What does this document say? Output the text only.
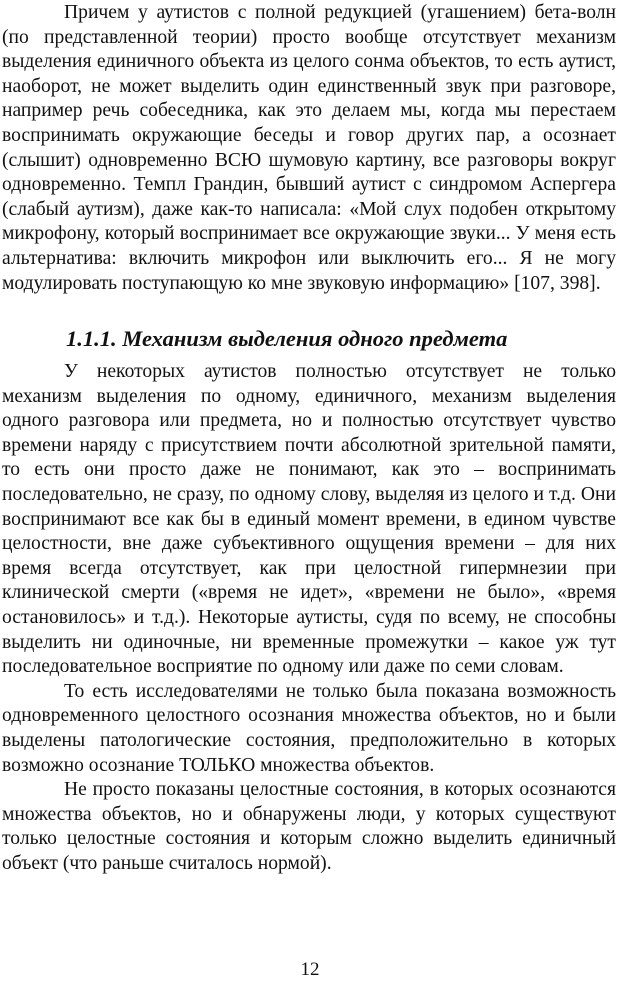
Причем у аутистов с полной редукцией (угашением) бета-волн (по представленной теории) просто вообще отсутствует механизм выделения единичного объекта из целого сонма объектов, то есть аутист, наоборот, не может выделить один единственный звук при разговоре, например речь собеседника, как это делаем мы, когда мы перестаем воспринимать окружающие беседы и говор других пар, а осознает (слышит) одновременно ВСЮ шумовую картину, все разговоры вокруг одновременно. Темпл Грандин, бывший аутист с синдромом Аспергера (слабый аутизм), даже как-то написала: «Мой слух подобен открытому микрофону, который воспринимает все окружающие звуки... У меня есть альтернатива: включить микрофон или выключить его... Я не могу модулировать поступающую ко мне звуковую информацию» [107, 398].

1.1.1. Механизм выделения одного предмета

У некоторых аутистов полностью отсутствует не только механизм выделения по одному, единичного, механизм выделения одного разговора или предмета, но и полностью отсутствует чувство времени наряду с присутствием почти абсолютной зрительной памяти, то есть они просто даже не понимают, как это – воспринимать последовательно, не сразу, по одному слову, выделяя из целого и т.д. Они воспринимают все как бы в единый момент времени, в едином чувстве целостности, вне даже субъективного ощущения времени – для них время всегда отсутствует, как при целостной гипермнезии при клинической смерти («время не идет», «времени не было», «время остановилось» и т.д.). Некоторые аутисты, судя по всему, не способны выделить ни одиночные, ни временные промежутки – какое уж тут последовательное восприятие по одному или даже по семи словам.

То есть исследователями не только была показана возможность одновременного целостного осознания множества объектов, но и были выделены патологические состояния, предположительно в которых возможно осознание ТОЛЬКО множества объектов.

Не просто показаны целостные состояния, в которых осознаются множества объектов, но и обнаружены люди, у которых существуют только целостные состояния и которым сложно выделить единичный объект (что раньше считалось нормой).

12
